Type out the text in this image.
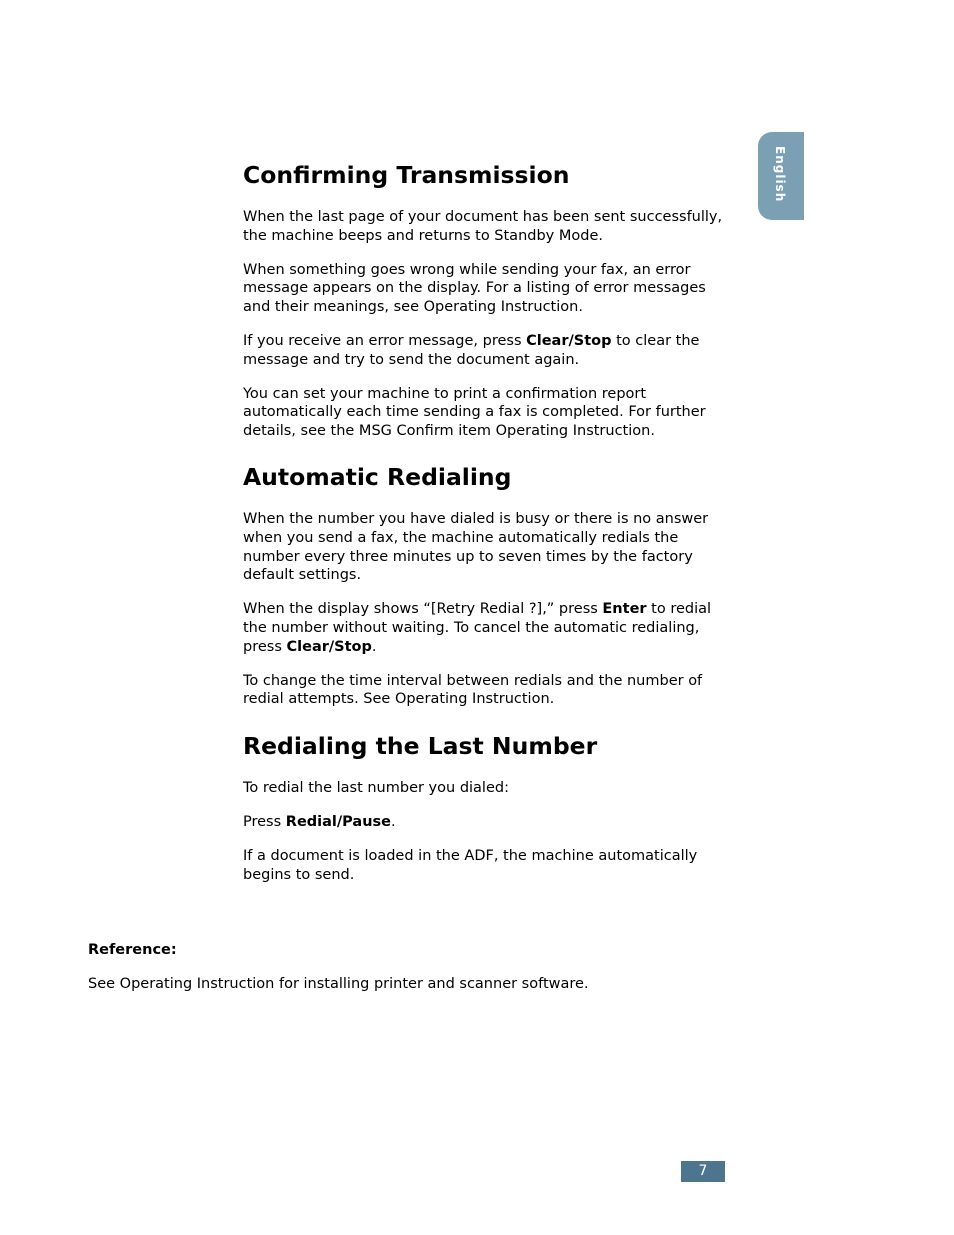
English
Confirming Transmission

When the last page of your document has been sent successfully, the machine beeps and returns to Standby Mode.

When something goes wrong while sending your fax, an error message appears on the display. For a listing of error messages and their meanings, see Operating Instruction.

If you receive an error message, press Clear/Stop to clear the message and try to send the document again.

You can set your machine to print a confirmation report automatically each time sending a fax is completed. For further details, see the MSG Confirm item Operating Instruction.

Automatic Redialing

When the number you have dialed is busy or there is no answer when you send a fax, the machine automatically redials the number every three minutes up to seven times by the factory default settings.

When the display shows “[Retry Redial ?],” press Enter to redial the number without waiting. To cancel the automatic redialing, press Clear/Stop.

To change the time interval between redials and the number of redial attempts. See Operating Instruction.

Redialing the Last Number

To redial the last number you dialed:

Press Redial/Pause.

If a document is loaded in the ADF, the machine automatically begins to send.

Reference:

See Operating Instruction for installing printer and scanner software.

7
